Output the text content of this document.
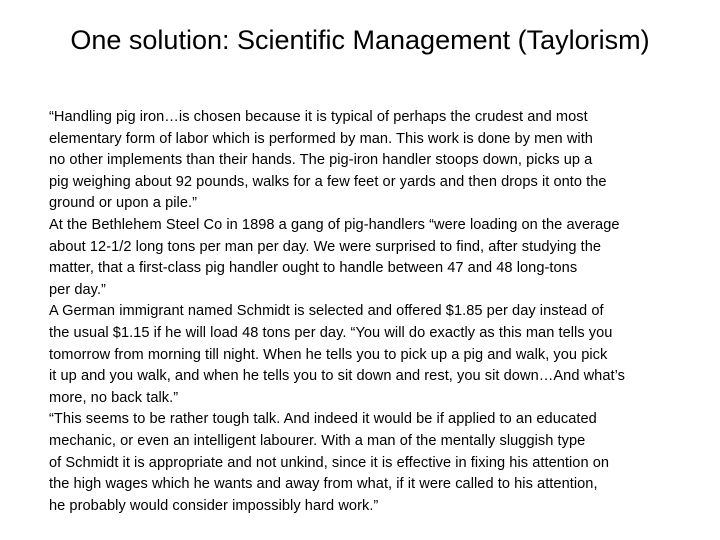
One solution: Scientific Management (Taylorism)
“Handling pig iron…is chosen because it is typical of perhaps the crudest and most
elementary form of labor which is performed by man. This work is done by men with
no other implements than their hands. The pig-iron handler stoops down, picks up a
pig weighing about 92 pounds, walks for a few feet or yards and then drops it onto the
ground or upon a pile.”
At the Bethlehem Steel Co in 1898 a gang of pig-handlers “were loading on the average
about 12-1/2 long tons per man per day. We were surprised to find, after studying the
matter, that a first-class pig handler ought to handle between 47 and 48 long-tons
per day.”
A German immigrant named Schmidt is selected and offered $1.85 per day instead of
the usual $1.15 if he will load 48 tons per day. “You will do exactly as this man tells you
tomorrow from morning till night. When he tells you to pick up a pig and walk, you pick
it up and you walk, and when he tells you to sit down and rest, you sit down…And what’s
more, no back talk.”
“This seems to be rather tough talk. And indeed it would be if applied to an educated
mechanic, or even an intelligent labourer. With a man of the mentally sluggish type
of Schmidt it is appropriate and not unkind, since it is effective in fixing his attention on
the high wages which he wants and away from what, if it were called to his attention,
he probably would consider impossibly hard work.”
